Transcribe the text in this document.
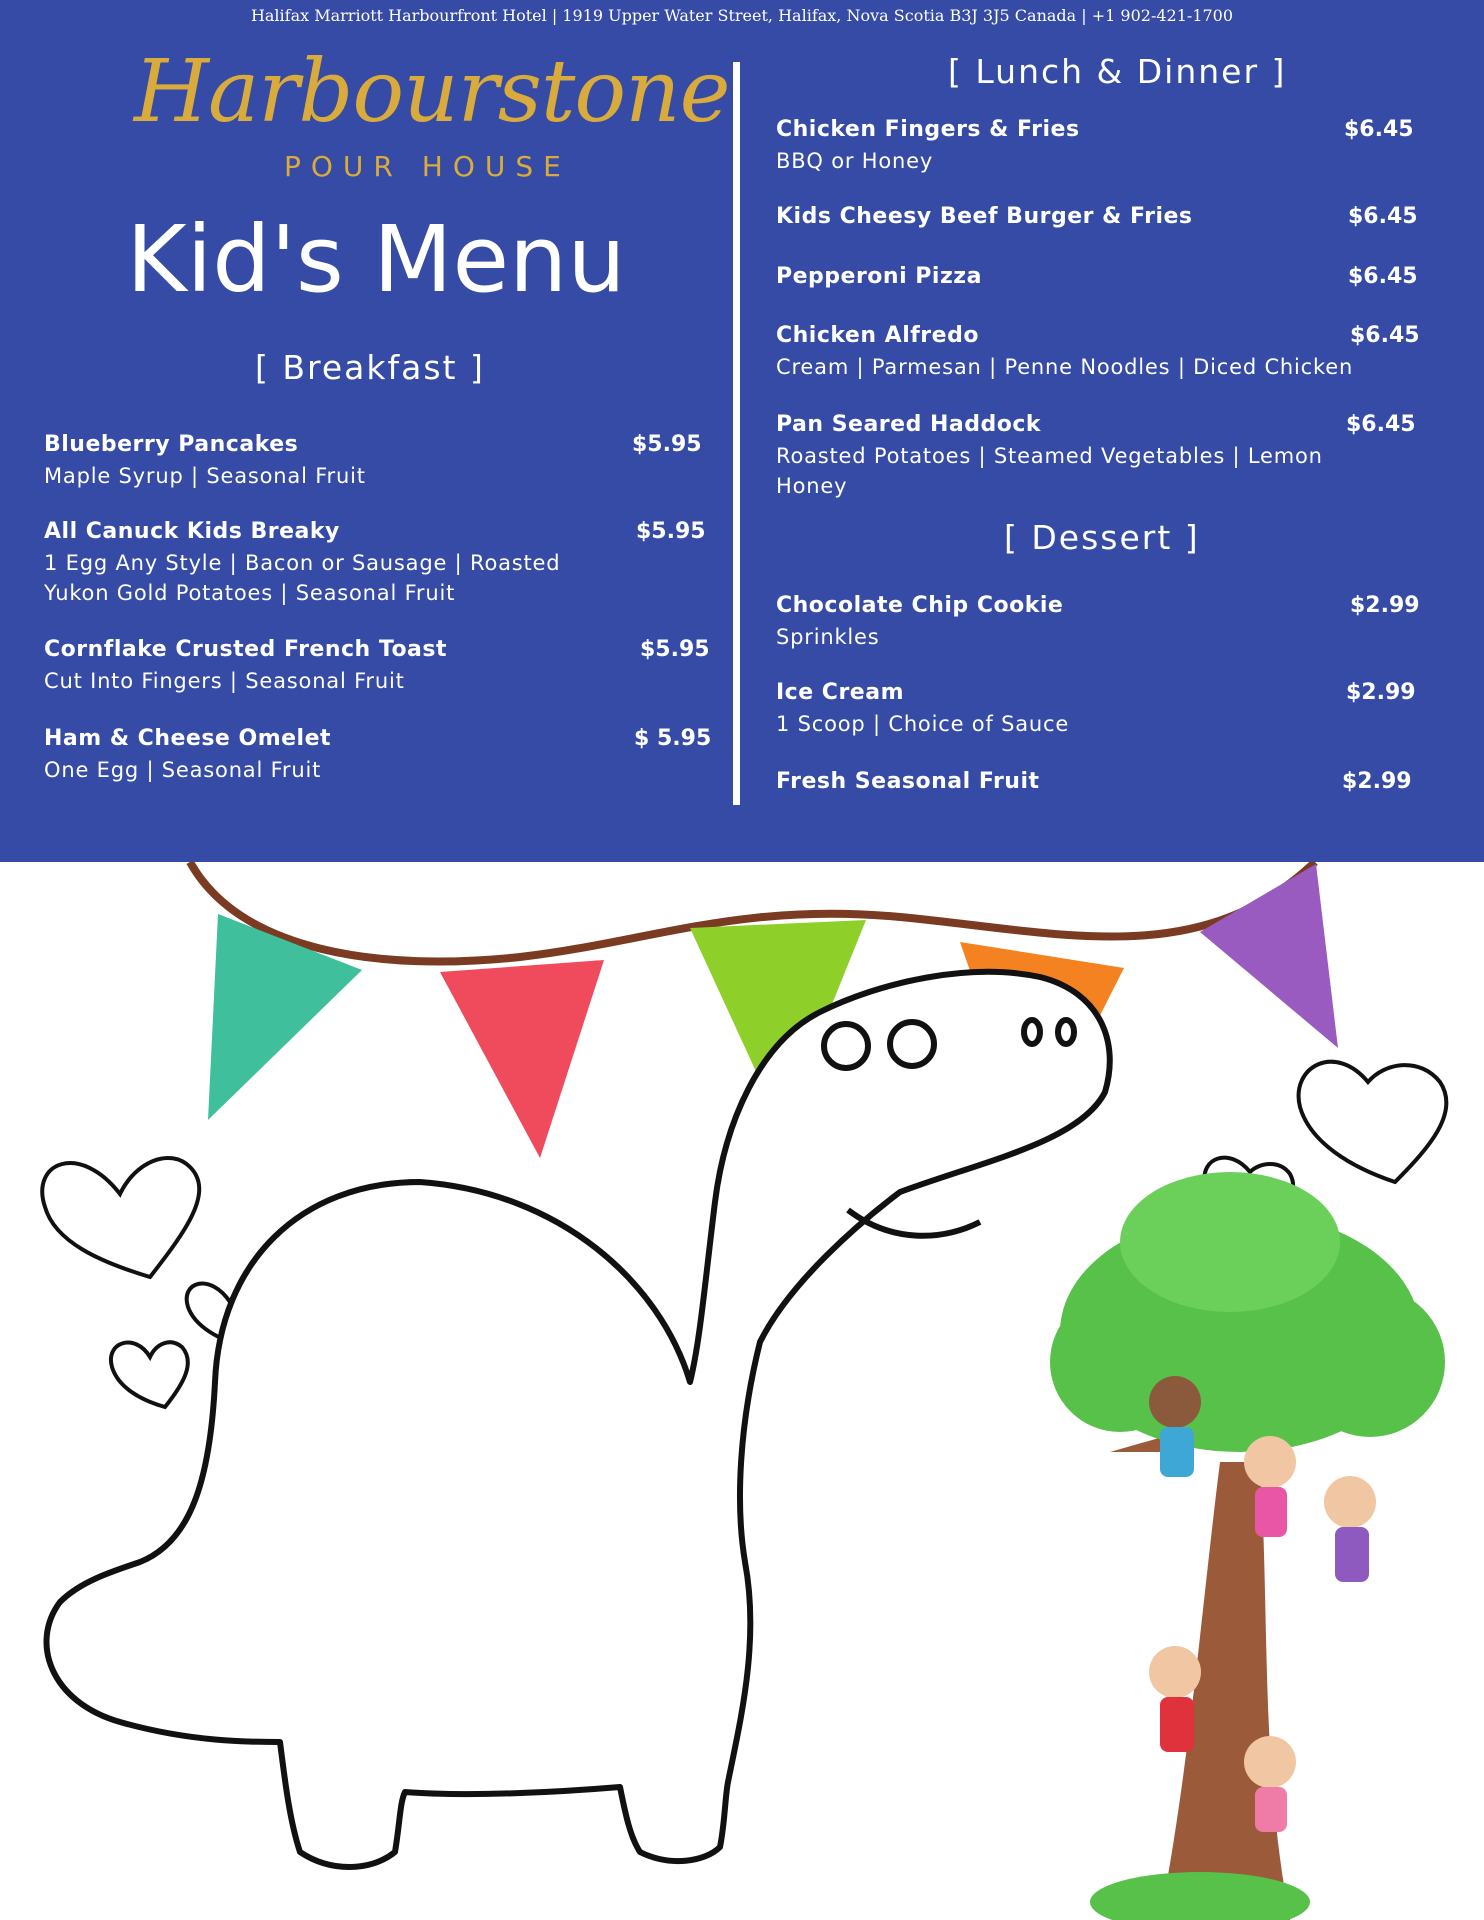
Halifax Marriott Harbourfront Hotel | 1919 Upper Water Street, Halifax, Nova Scotia B3J 3J5 Canada | +1 902-421-1700
Harbourstone
POUR HOUSE
Kid's Menu
[ Breakfast ]
Blueberry Pancakes	$5.95
Maple Syrup | Seasonal Fruit
All Canuck Kids Breaky	$5.95
1 Egg Any Style | Bacon or Sausage | Roasted Yukon Gold Potatoes | Seasonal Fruit
Cornflake Crusted French Toast	$5.95
Cut Into Fingers | Seasonal Fruit
Ham & Cheese Omelet	$ 5.95
One Egg | Seasonal Fruit
[ Lunch & Dinner ]
Chicken Fingers & Fries	$6.45
BBQ or Honey
Kids Cheesy Beef Burger & Fries	$6.45
Pepperoni Pizza	$6.45
Chicken Alfredo	$6.45
Cream | Parmesan | Penne Noodles | Diced Chicken
Pan Seared Haddock	$6.45
Roasted Potatoes | Steamed Vegetables | Lemon Honey
[ Dessert ]
Chocolate Chip Cookie	$2.99
Sprinkles
Ice Cream	$2.99
1 Scoop | Choice of Sauce
Fresh Seasonal Fruit	$2.99
